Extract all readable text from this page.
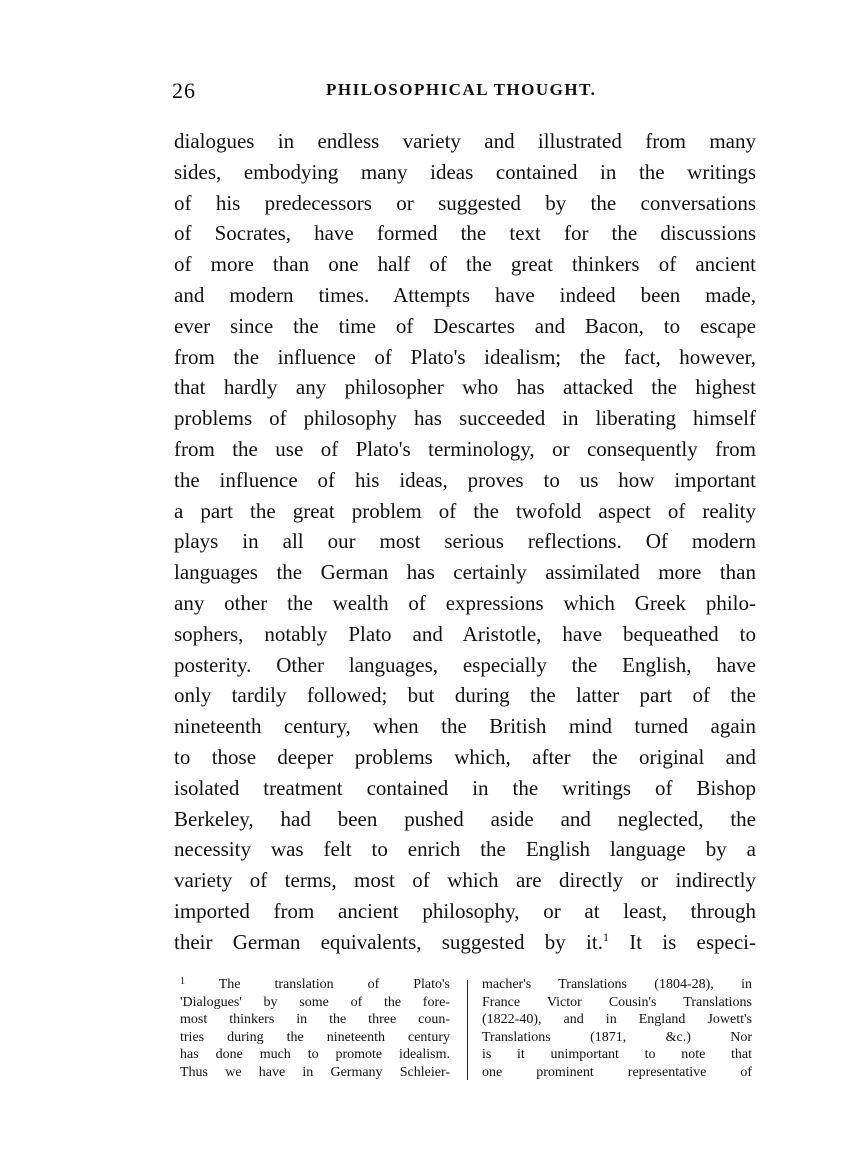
26	PHILOSOPHICAL THOUGHT.
dialogues in endless variety and illustrated from many
sides, embodying many ideas contained in the writings
of his predecessors or suggested by the conversations
of Socrates, have formed the text for the discussions
of more than one half of the great thinkers of ancient
and modern times. Attempts have indeed been made,
ever since the time of Descartes and Bacon, to escape
from the influence of Plato's idealism; the fact, however,
that hardly any philosopher who has attacked the highest
problems of philosophy has succeeded in liberating himself
from the use of Plato's terminology, or consequently from
the influence of his ideas, proves to us how important
a part the great problem of the twofold aspect of reality
plays in all our most serious reflections. Of modern
languages the German has certainly assimilated more than
any other the wealth of expressions which Greek philo-
sophers, notably Plato and Aristotle, have bequeathed to
posterity. Other languages, especially the English, have
only tardily followed; but during the latter part of the
nineteenth century, when the British mind turned again
to those deeper problems which, after the original and
isolated treatment contained in the writings of Bishop
Berkeley, had been pushed aside and neglected, the
necessity was felt to enrich the English language by a
variety of terms, most of which are directly or indirectly
imported from ancient philosophy, or at least, through
their German equivalents, suggested by it.$^1$ It is especi-
$^1$ The translation of Plato's
'Dialogues' by some of the fore-
most thinkers in the three coun-
tries during the nineteenth century
has done much to promote idealism.
Thus we have in Germany Schleier-
macher's Translations (1804-28), in
France Victor Cousin's Translations
(1822-40), and in England Jowett's
Translations (1871, &c.) Nor
is it unimportant to note that
one prominent representative of
